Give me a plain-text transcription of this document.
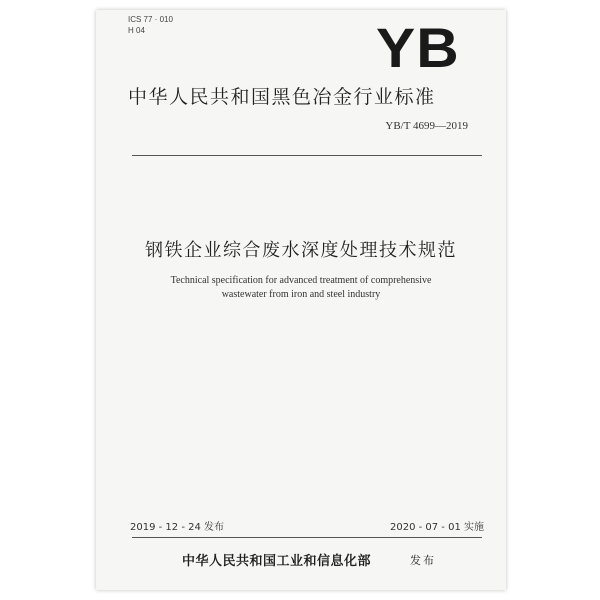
ICS 77 · 010
H 04	YB
中华人民共和国黑色冶金行业标准
YB/T 4699—2019
钢铁企业综合废水深度处理技术规范
Technical specification for advanced treatment of comprehensive
wastewater from iron and steel industry
2019 - 12 - 24 发布	2020 - 07 - 01 实施
中华人民共和国工业和信息化部	发布
